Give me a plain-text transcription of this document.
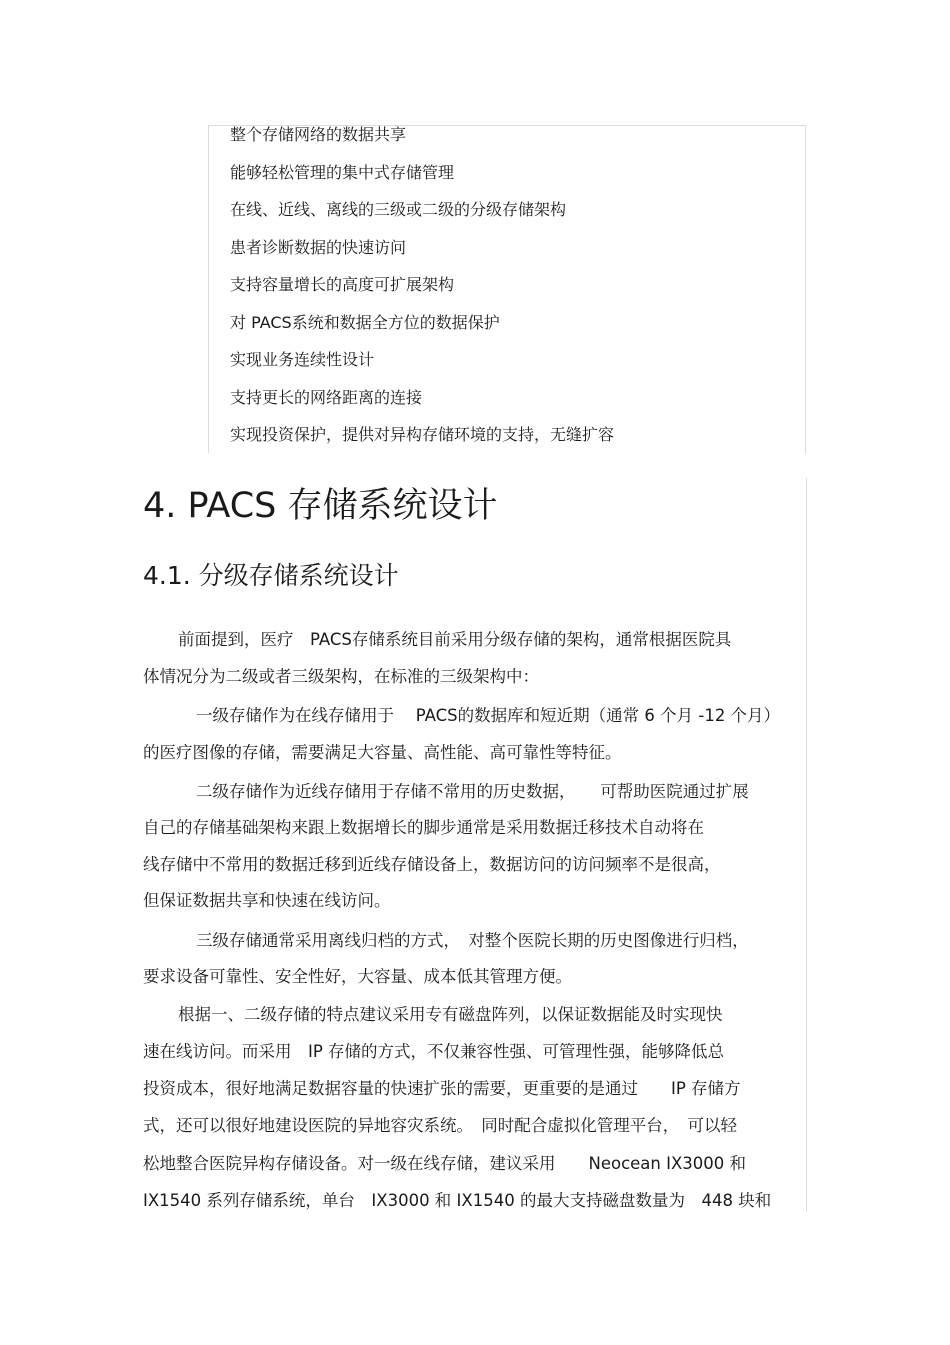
整个存储网络的数据共享
能够轻松管理的集中式存储管理
在线、近线、离线的三级或二级的分级存储架构
患者诊断数据的快速访问
支持容量增长的高度可扩展架构
对 PACS系统和数据全方位的数据保护
实现业务连续性设计
支持更长的网络距离的连接
实现投资保护，提供对异构存储环境的支持，无缝扩容
4. PACS 存储系统设计
4.1. 分级存储系统设计
前面提到，医疗　PACS存储系统目前采用分级存储的架构，通常根据医院具
体情况分为二级或者三级架构，在标准的三级架构中：
一级存储作为在线存储用于　 PACS的数据库和短近期（通常 6 个月 -12 个月）
的医疗图像的存储，需要满足大容量、高性能、高可靠性等特征。
二级存储作为近线存储用于存储不常用的历史数据，　　可帮助医院通过扩展
自己的存储基础架构来跟上数据增长的脚步通常是采用数据迁移技术自动将在
线存储中不常用的数据迁移到近线存储设备上，数据访问的访问频率不是很高，
但保证数据共享和快速在线访问。
三级存储通常采用离线归档的方式，　对整个医院长期的历史图像进行归档，
要求设备可靠性、安全性好，大容量、成本低其管理方便。
根据一、二级存储的特点建议采用专有磁盘阵列，以保证数据能及时实现快
速在线访问。而采用　IP 存储的方式，不仅兼容性强、可管理性强，能够降低总
投资成本，很好地满足数据容量的快速扩张的需要，更重要的是通过　　IP 存储方
式，还可以很好地建设医院的异地容灾系统。　同时配合虚拟化管理平台，　可以轻
松地整合医院异构存储设备。对一级在线存储，建议采用　　Neocean IX3000 和
IX1540 系列存储系统，单台　IX3000 和 IX1540 的最大支持磁盘数量为　448 块和
